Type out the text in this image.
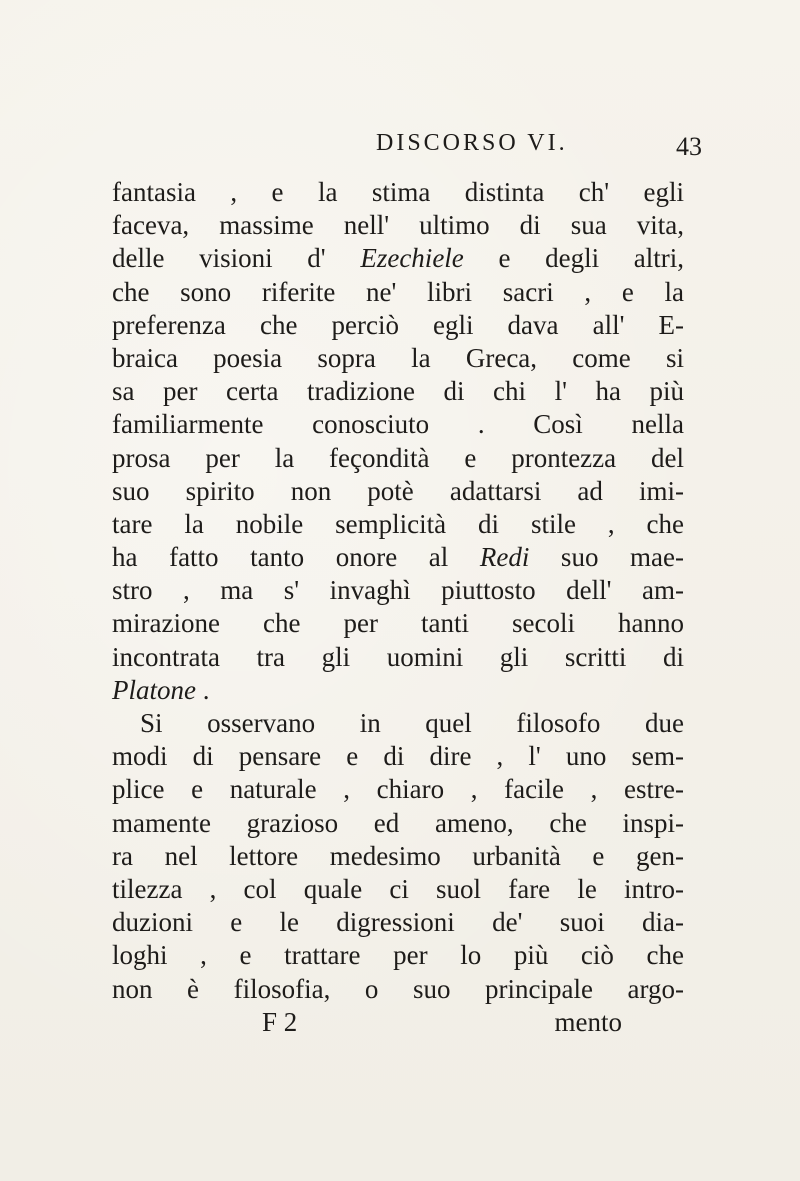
DISCORSO VI.	43
fantasia , e la stima distinta ch' egli
faceva, massime nell' ultimo di sua vita,
delle visioni d' Ezechiele e degli altri,
che sono riferite ne' libri sacri , e la
preferenza che perciò egli dava all' E-
braica poesia sopra la Greca, come si
sa per certa tradizione di chi l' ha più
familiarmente conosciuto . Così nella
prosa per la feçondità e prontezza del
suo spirito non potè adattarsi ad imi-
tare la nobile semplicità di stile , che
ha fatto tanto onore al Redi suo mae-
stro , ma s' invaghì piuttosto dell' am-
mirazione che per tanti secoli hanno
incontrata tra gli uomini gli scritti di
Platone .
Si osservano in quel filosofo due
modi di pensare e di dire , l' uno sem-
plice e naturale , chiaro , facile , estre-
mamente grazioso ed ameno, che inspi-
ra nel lettore medesimo urbanità e gen-
tilezza , col quale ci suol fare le intro-
duzioni e le digressioni de' suoi dia-
loghi , e trattare per lo più ciò che
non è filosofia, o suo principale argo-
F 2	mento
